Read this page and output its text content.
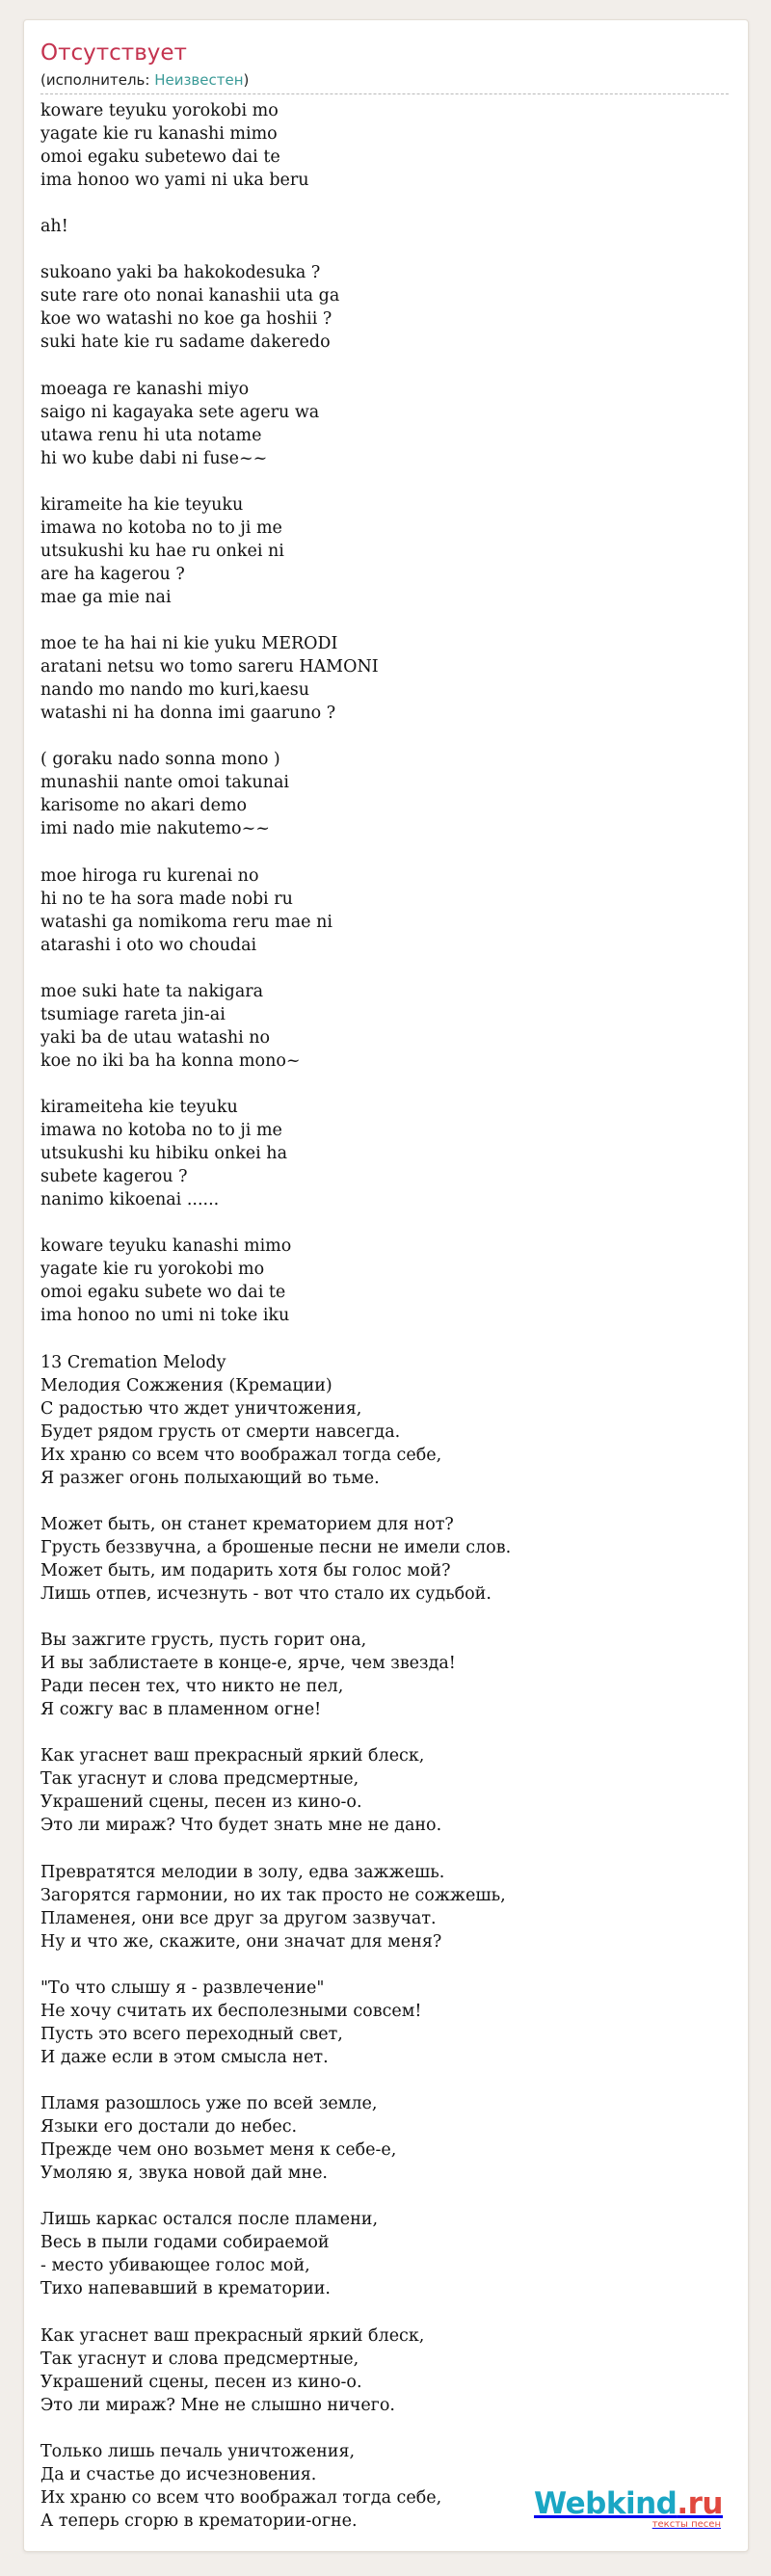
Отсутствует
(исполнитель: Неизвестен)
koware teyuku yorokobi mo
yagate kie ru kanashi mimo
omoi egaku subetewo dai te
ima honoo wo yami ni uka beru

ah!

sukoano yaki ba hakokodesuka ?
sute rare oto nonai kanashii uta ga
koe wo watashi no koe ga hoshii ?
suki hate kie ru sadame dakeredo

moeaga re kanashi miyo
saigo ni kagayaka sete ageru wa
utawa renu hi uta notame
hi wo kube dabi ni fuse~~

kirameite ha kie teyuku
imawa no kotoba no to ji me
utsukushi ku hae ru onkei ni
are ha kagerou ?
mae ga mie nai

moe te ha hai ni kie yuku MERODI
aratani netsu wo tomo sareru HAMONI
nando mo nando mo kuri,kaesu
watashi ni ha donna imi gaaruno ?

( goraku nado sonna mono )
munashii nante omoi takunai
karisome no akari demo
imi nado mie nakutemo~~

moe hiroga ru kurenai no
hi no te ha sora made nobi ru
watashi ga nomikoma reru mae ni
atarashi i oto wo choudai

moe suki hate ta nakigara
tsumiage rareta jin-ai
yaki ba de utau watashi no
koe no iki ba ha konna mono~

kirameiteha kie teyuku
imawa no kotoba no to ji me
utsukushi ku hibiku onkei ha
subete kagerou ?
nanimo kikoenai ......

koware teyuku kanashi mimo
yagate kie ru yorokobi mo
omoi egaku subete wo dai te
ima honoo no umi ni toke iku

13 Cremation Melody
Мелодия Сожжения (Кремации)
С радостью что ждет уничтожения,
Будет рядом грусть от смерти навсегда.
Их храню со всем что воображал тогда себе,
Я разжег огонь полыхающий во тьме.

Может быть, он станет крематорием для нот?
Грусть беззвучна, а брошеные песни не имели слов.
Может быть, им подарить хотя бы голос мой?
Лишь отпев, исчезнуть - вот что стало их судьбой.

Вы зажгите грусть, пусть горит она,
И вы заблистаете в конце-е, ярче, чем звезда!
Ради песен тех, что никто не пел,
Я сожгу вас в пламенном огне!

Как угаснет ваш прекрасный яркий блеск,
Так угаснут и слова предсмертные,
Украшений сцены, песен из кино-о.
Это ли мираж? Что будет знать мне не дано.

Превратятся мелодии в золу, едва зажжешь.
Загорятся гармонии, но их так просто не сожжешь,
Пламенея, они все друг за другом зазвучат.
Ну и что же, скажите, они значат для меня?

"То что слышу я - развлечение"
Не хочу считать их бесполезными совсем!
Пусть это всего переходный свет,
И даже если в этом смысла нет.

Пламя разошлось уже по всей земле,
Языки его достали до небес.
Прежде чем оно возьмет меня к себе-е,
Умоляю я, звука новой дай мне.

Лишь каркас остался после пламени,
Весь в пыли годами собираемой
- место убивающее голос мой,
Тихо напевавший в крематории.

Как угаснет ваш прекрасный яркий блеск,
Так угаснут и слова предсмертные,
Украшений сцены, песен из кино-о.
Это ли мираж? Мне не слышно ничего.

Только лишь печаль уничтожения,
Да и счастье до исчезновения.
Их храню со всем что воображал тогда себе,
А теперь сгорю в крематории-огне.	Webkind.ru
тексты песен
